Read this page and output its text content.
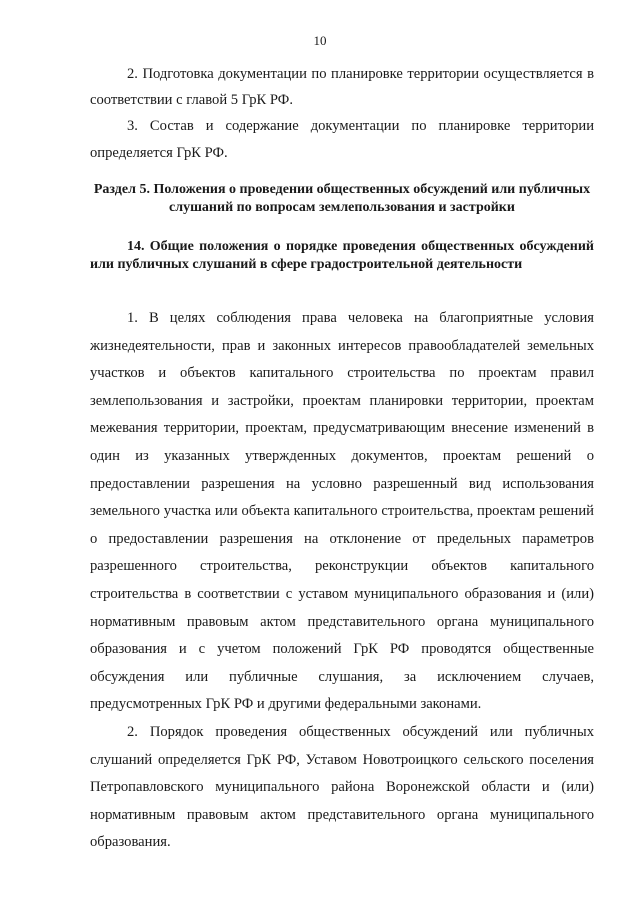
10

2. Подготовка документации по планировке территории осуществляется в соответствии с главой 5 ГрК РФ.

3. Состав и содержание документации по планировке территории определяется ГрК РФ.

Раздел 5. Положения о проведении общественных обсуждений или публичных слушаний по вопросам землепользования и застройки
14. Общие положения о порядке проведения общественных обсуждений или публичных слушаний в сфере градостроительной деятельности

1. В целях соблюдения права человека на благоприятные условия жизнедеятельности, прав и законных интересов правообладателей земельных участков и объектов капитального строительства по проектам правил землепользования и застройки, проектам планировки территории, проектам межевания территории, проектам, предусматривающим внесение изменений в один из указанных утвержденных документов, проектам решений о предоставлении разрешения на условно разрешенный вид использования земельного участка или объекта капитального строительства, проектам решений о предоставлении разрешения на отклонение от предельных параметров разрешенного строительства, реконструкции объектов капитального строительства в соответствии с уставом муниципального образования и (или) нормативным правовым актом представительного органа муниципального образования и с учетом положений ГрК РФ проводятся общественные обсуждения или публичные слушания, за исключением случаев, предусмотренных ГрК РФ и другими федеральными законами.

2. Порядок проведения общественных обсуждений или публичных слушаний определяется ГрК РФ, Уставом Новотроицкого сельского поселения Петропавловского муниципального района Воронежской области и (или) нормативным правовым актом представительного органа муниципального образования.
